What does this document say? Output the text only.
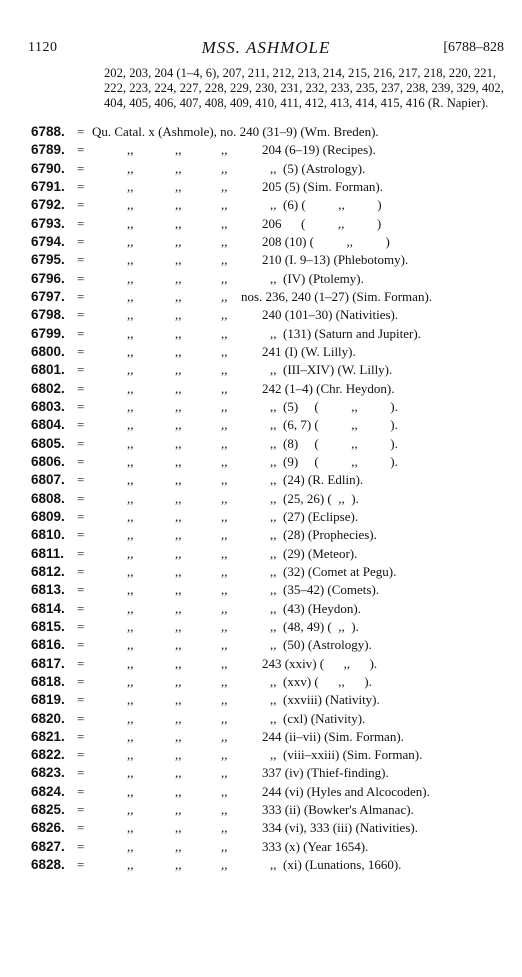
1120	MSS. ASHMOLE	[6788–828
202, 203, 204 (1–4, 6), 207, 211, 212, 213, 214, 215, 216, 217, 218, 220, 221, 222, 223, 224, 227, 228, 229, 230, 231, 232, 233, 235, 237, 238, 239, 329, 402, 404, 405, 406, 407, 408, 409, 410, 411, 412, 413, 414, 415, 416 (R. Napier).
6788. = Qu. Catal. x (Ashmole), no. 240 (31–9) (Wm. Breden).
6789. =	,,	,,	,,	204 (6–19) (Recipes).
6790. =	,,	,,	,,	,,  (5) (Astrology).
6791. =	,,	,,	,,	205 (5) (Sim. Forman).
6792. =	,,	,,	,,	,,  (6) (          ,,          )
6793. =	,,	,,	,,	206      (          ,,          )
6794. =	,,	,,	,,	208 (10) (          ,,          )
6795. =	,,	,,	,,	210 (I. 9–13) (Phlebotomy).
6796. =	,,	,,	,,	,,  (IV) (Ptolemy).
6797. =	,,	,,	,, nos. 236, 240 (1–27) (Sim. Forman).
6798. =	,,	,,	,,	240 (101–30) (Nativities).
6799. =	,,	,,	,,	,,  (131) (Saturn and Jupiter).
6800. =	,,	,,	,,	241 (I) (W. Lilly).
6801. =	,,	,,	,,	,,  (III–XIV) (W. Lilly).
6802. =	,,	,,	,,	242 (1–4) (Chr. Heydon).
6803. =	,,	,,	,,	,,  (5)     (          ,,          ).
6804. =	,,	,,	,,	,,  (6, 7) (          ,,          ).
6805. =	,,	,,	,,	,,  (8)     (          ,,          ).
6806. =	,,	,,	,,	,,  (9)     (          ,,          ).
6807. =	,,	,,	,,	,,  (24) (R. Edlin).
6808. =	,,	,,	,,	,,  (25, 26) (  ,,  ).
6809. =	,,	,,	,,	,,  (27) (Eclipse).
6810. =	,,	,,	,,	,,  (28) (Prophecies).
6811. =	,,	,,	,,	,,  (29) (Meteor).
6812. =	,,	,,	,,	,,  (32) (Comet at Pegu).
6813. =	,,	,,	,,	,,  (35–42) (Comets).
6814. =	,,	,,	,,	,,  (43) (Heydon).
6815. =	,,	,,	,,	,,  (48, 49) (  ,,  ).
6816. =	,,	,,	,,	,,  (50) (Astrology).
6817. =	,,	,,	,,	243 (xxiv) (      ,,      ).
6818. =	,,	,,	,,	,,  (xxv) (      ,,      ).
6819. =	,,	,,	,,	,,  (xxviii) (Nativity).
6820. =	,,	,,	,,	,,  (cxl) (Nativity).
6821. =	,,	,,	,,	244 (ii–vii) (Sim. Forman).
6822. =	,,	,,	,,	,,  (viii–xxiii) (Sim. Forman).
6823. =	,,	,,	,,	337 (iv) (Thief-finding).
6824. =	,,	,,	,,	244 (vi) (Hyles and Alcocoden).
6825. =	,,	,,	,,	333 (ii) (Bowker's Almanac).
6826. =	,,	,,	,,	334 (vi), 333 (iii) (Nativities).
6827. =	,,	,,	,,	333 (x) (Year 1654).
6828. =	,,	,,	,,	,,  (xi) (Lunations, 1660).
